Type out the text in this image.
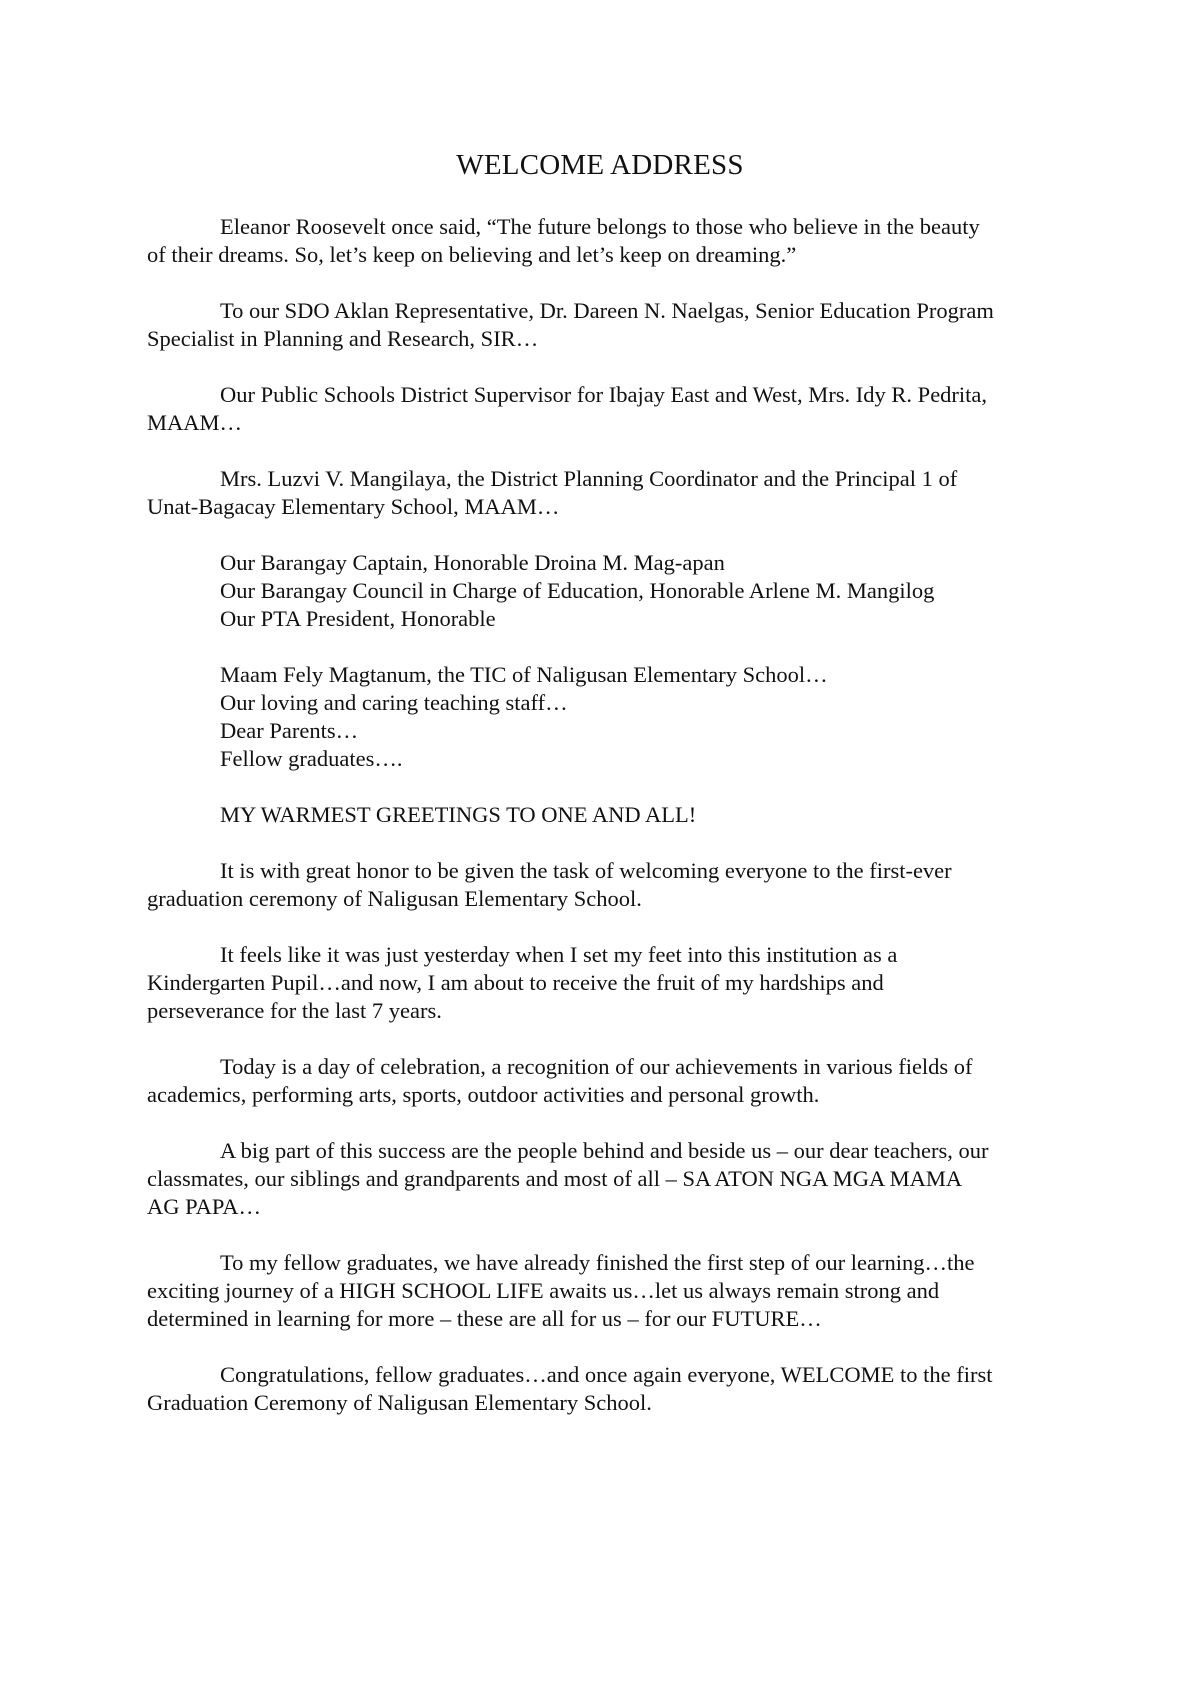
WELCOME ADDRESS

Eleanor Roosevelt once said, “The future belongs to those who believe in the beauty
of their dreams. So, let’s keep on believing and let’s keep on dreaming.”

To our SDO Aklan Representative, Dr. Dareen N. Naelgas, Senior Education Program
Specialist in Planning and Research, SIR…

Our Public Schools District Supervisor for Ibajay East and West, Mrs. Idy R. Pedrita,
MAAM…

Mrs. Luzvi V. Mangilaya, the District Planning Coordinator and the Principal 1 of
Unat-Bagacay Elementary School, MAAM…

Our Barangay Captain, Honorable Droina M. Mag-apan
Our Barangay Council in Charge of Education, Honorable Arlene M. Mangilog
Our PTA President, Honorable
Maam Fely Magtanum, the TIC of Naligusan Elementary School…
Our loving and caring teaching staff…
Dear Parents…
Fellow graduates….
MY WARMEST GREETINGS TO ONE AND ALL!

It is with great honor to be given the task of welcoming everyone to the first-ever
graduation ceremony of Naligusan Elementary School.

It feels like it was just yesterday when I set my feet into this institution as a
Kindergarten Pupil…and now, I am about to receive the fruit of my hardships and
perseverance for the last 7 years.

Today is a day of celebration, a recognition of our achievements in various fields of
academics, performing arts, sports, outdoor activities and personal growth.

A big part of this success are the people behind and beside us – our dear teachers, our
classmates, our siblings and grandparents and most of all – SA ATON NGA MGA MAMA
AG PAPA…

To my fellow graduates, we have already finished the first step of our learning…the
exciting journey of a HIGH SCHOOL LIFE awaits us…let us always remain strong and
determined in learning for more – these are all for us – for our FUTURE…

Congratulations, fellow graduates…and once again everyone, WELCOME to the first
Graduation Ceremony of Naligusan Elementary School.
